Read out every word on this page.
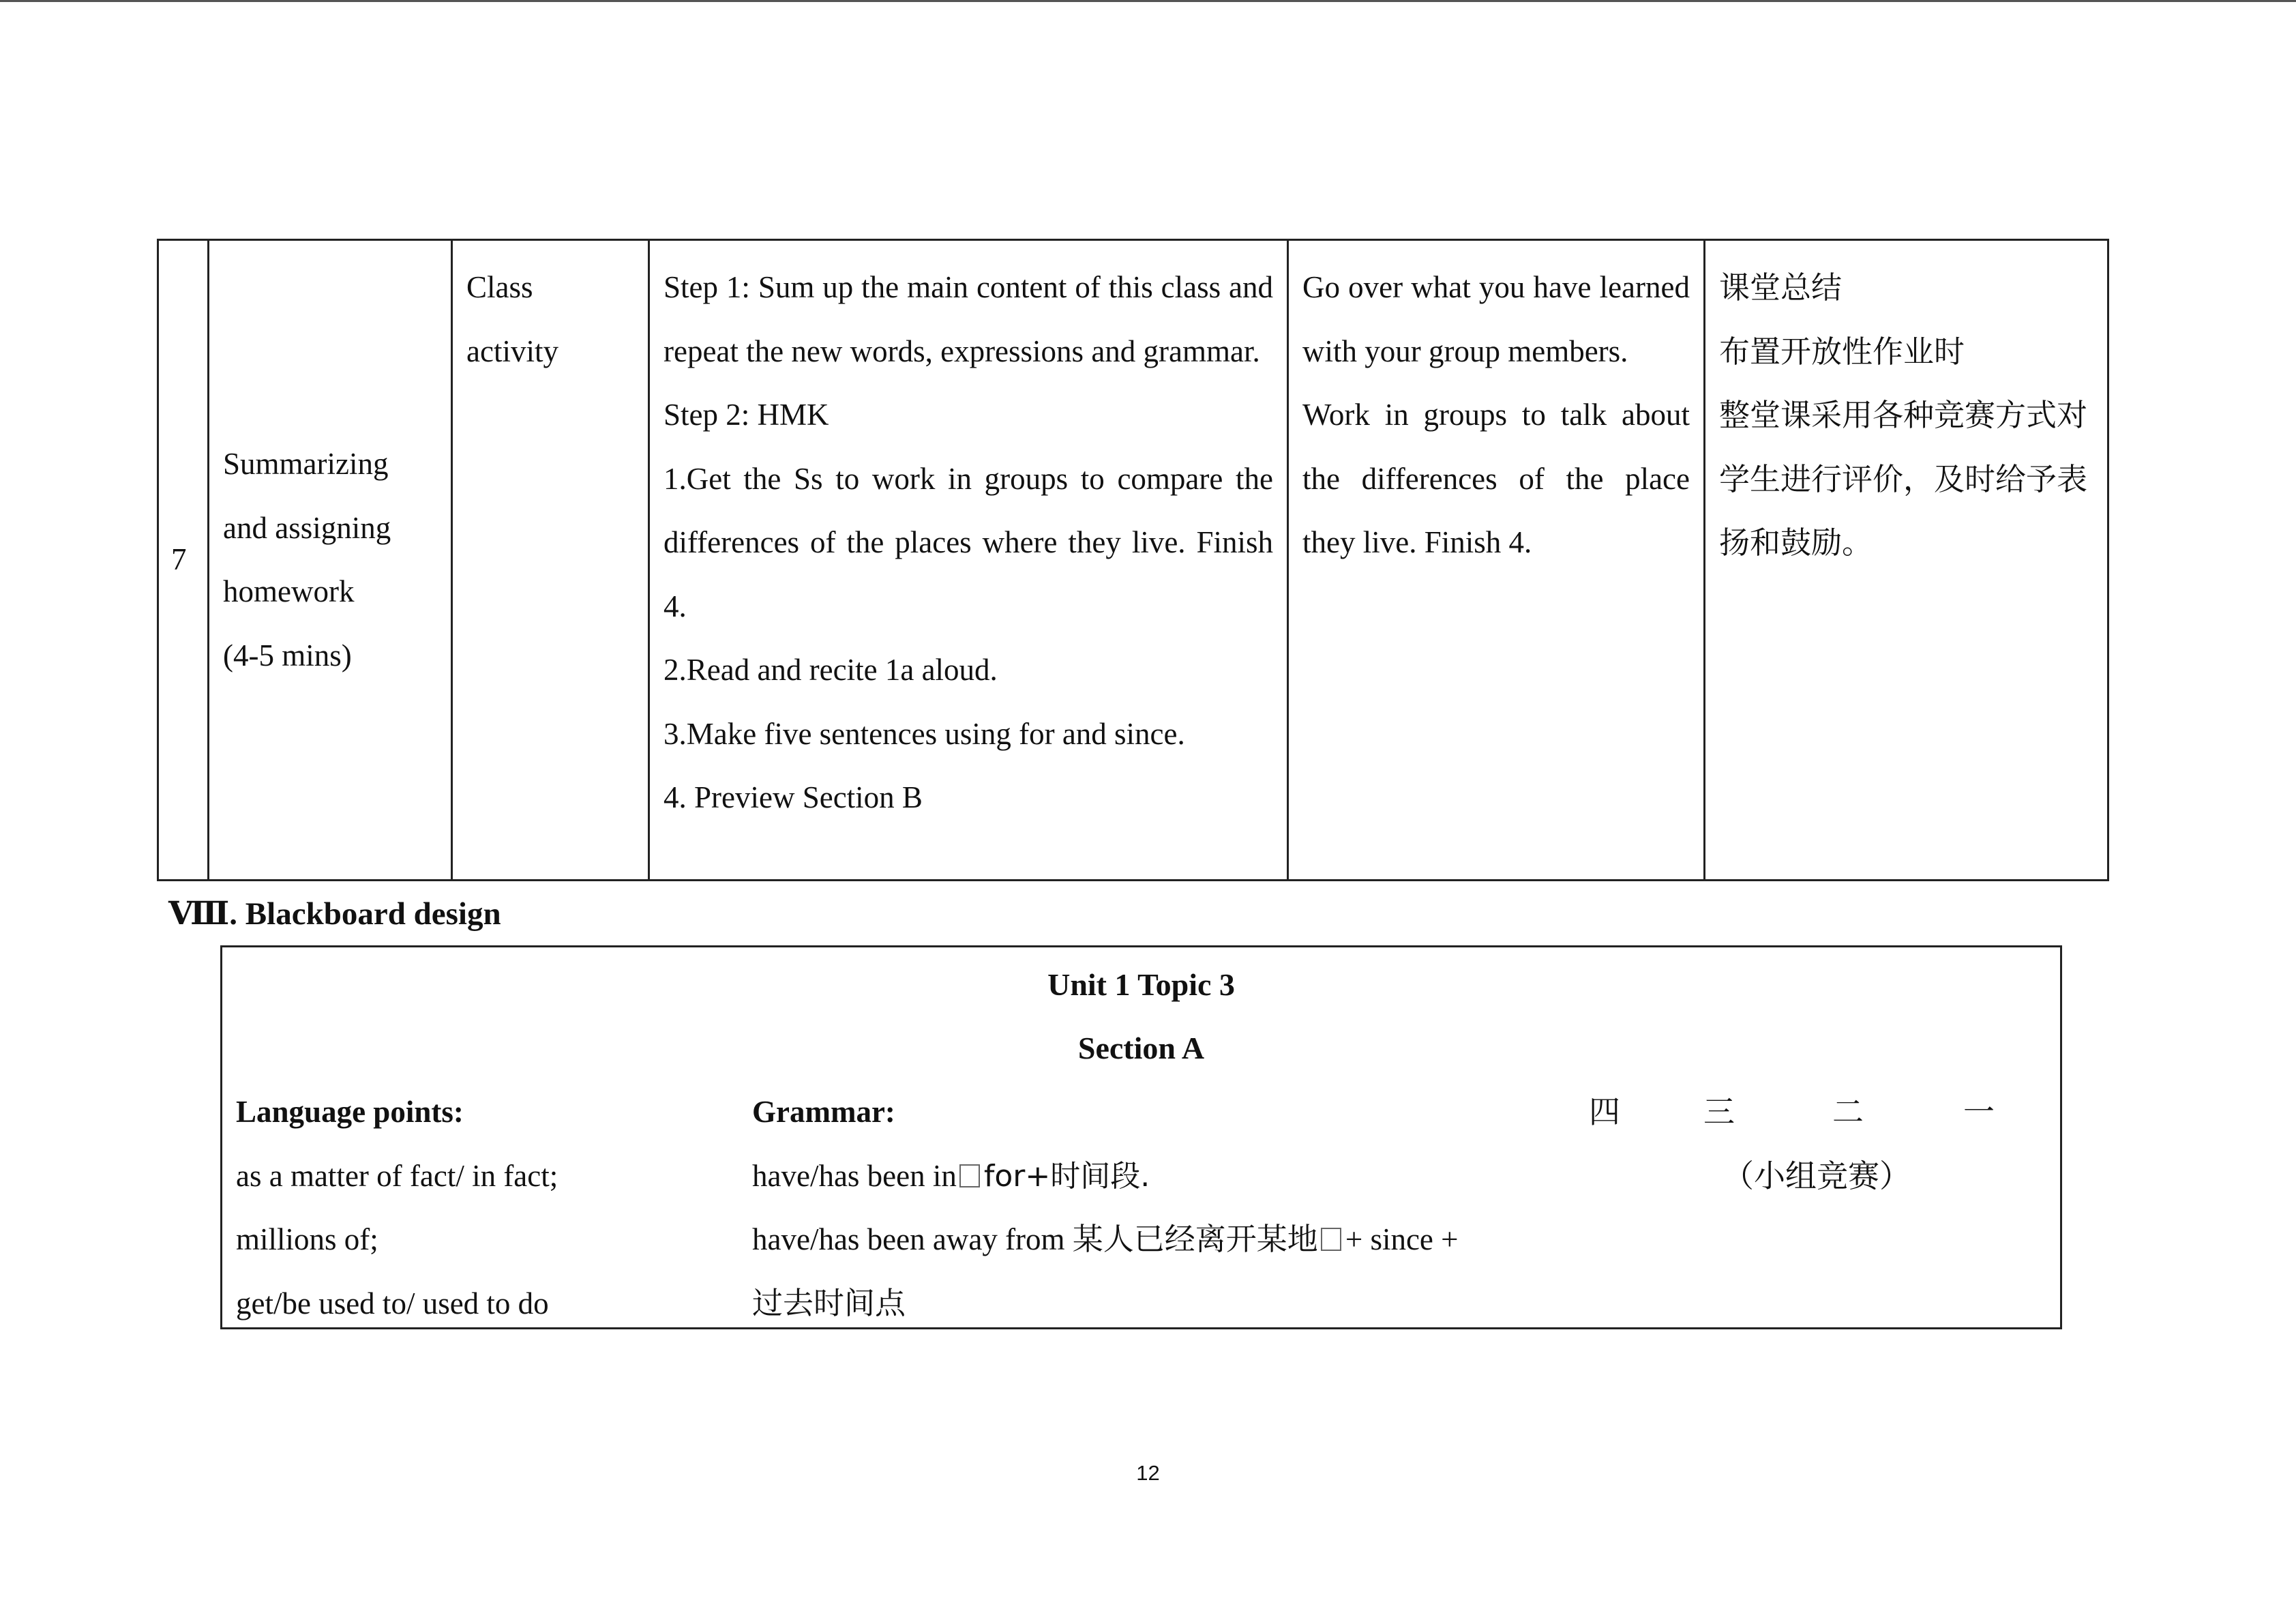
7	
Summarizing
and assigning
homework
(4-5 mins)

Class
activity

Step 1: Sum up the main content of this class and repeat the new words, expressions and grammar.
Step 2: HMK
1.Get the Ss to work in groups to compare the differences of the places where they live. Finish 4.
2.Read and recite 1a aloud.
3.Make five sentences using for and since.
4. Preview Section B

Go over what you have learned with your group members.
Work in groups to talk about the differences of the place they live. Finish 4.

课堂总结
布置开放性作业时
整堂课采用各种竞赛方式对学生进行评价，及时给予表扬和鼓励。
Ⅷ. Blackboard design
Unit 1 Topic 3
Section A
Language points:
as a matter of fact/ in fact;
millions of;
get/be used to/ used to do
Grammar:
have/has been in for+时间段.
have/has been away from 某人已经离开某地 + since +
过去时间点
四	三	二	一
（小组竞赛）
12
